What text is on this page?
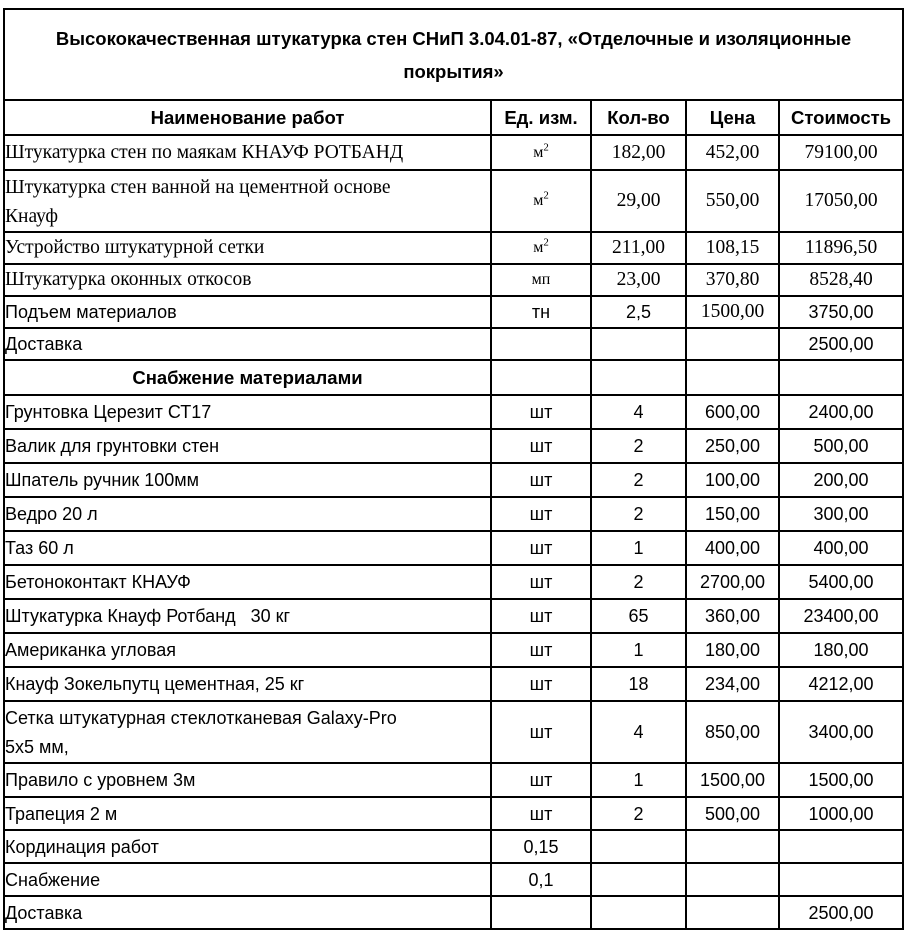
Высококачественная штукатурка стен СНиП 3.04.01-87, «Отделочные и изоляционные покрытия»				
Наименование работ	Ед. изм.	Кол-во	Цена	Стоимость
Штукатурка стен по маякам КНАУФ РОТБАНД	$м^2$	182,00	452,00	79100,00

Штукатурка стен ванной на цементной основе
Кнауф	$м^2$	29,00	550,00	17050,00
Устройство штукатурной сетки	$м^2$	211,00	108,15	11896,50
Штукатурка оконных откосов	мп	23,00	370,80	8528,40
Подъем материалов	тн	2,5	1500,00	3750,00
Доставка				2500,00
Снабжение материалами				
Грунтовка Церезит СТ17	шт	4	600,00	2400,00
Валик для грунтовки стен	шт	2	250,00	500,00
Шпатель ручник 100мм	шт	2	100,00	200,00
Ведро 20 л	шт	2	150,00	300,00
Таз 60 л	шт	1	400,00	400,00
Бетоноконтакт КНАУФ	шт	2	2700,00	5400,00
Штукатурка Кнауф Ротбанд   30 кг	шт	65	360,00	23400,00
Американка угловая	шт	1	180,00	180,00
Кнауф Зокельпутц цементная, 25 кг	шт	18	234,00	4212,00

Сетка штукатурная стеклотканевая Galaxy-Pro
5x5 мм,	шт	4	850,00	3400,00
Правило с уровнем 3м	шт	1	1500,00	1500,00
Трапеция 2 м	шт	2	500,00	1000,00
Кординация работ	0,15			
Снабжение	0,1			
Доставка				2500,00
